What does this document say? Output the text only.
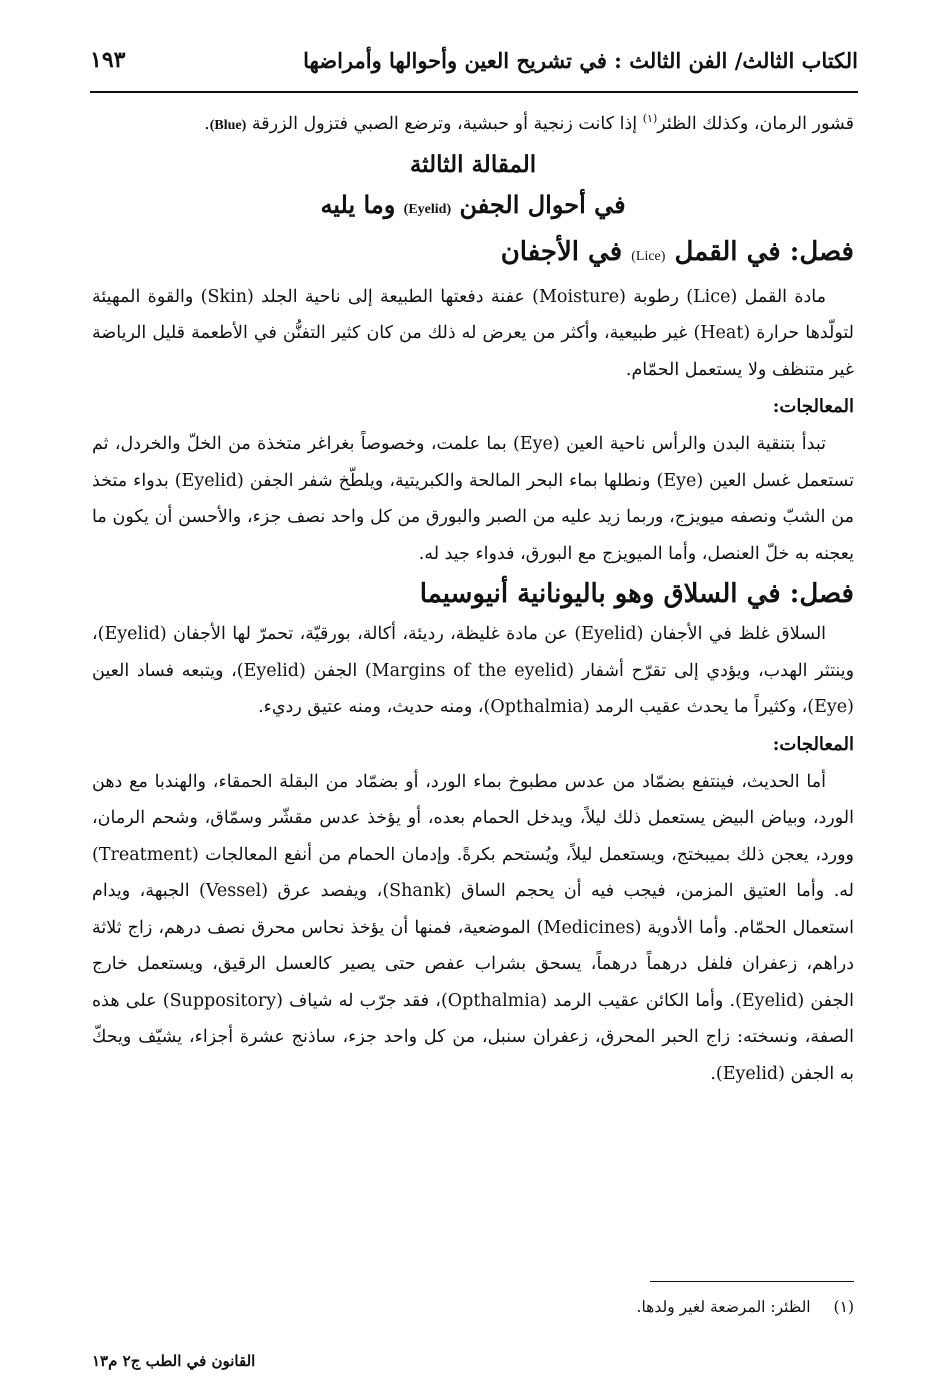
الكتاب الثالث/ الفن الثالث : في تشريح العين وأحوالها وأمراضها
١٩٣

قشور الرمان، وكذلك الظئر$^{(١)}$ إذا كانت زنجية أو حبشية، وترضع الصبي فتزول الزرقة (Blue).

المقالة الثالثة

في أحوال الجفن (Eyelid) وما يليه

فصل: في القمل (Lice) في الأجفان

مادة القمل (Lice) رطوبة (Moisture) عفنة دفعتها الطبيعة إلى ناحية الجلد (Skin) والقوة المهيئة لتولّدها حرارة (Heat) غير طبيعية، وأكثر من يعرض له ذلك من كان كثير التفنُّن في الأطعمة قليل الرياضة غير متنظف ولا يستعمل الحمّام.

المعالجات:

تبدأ بتنقية البدن والرأس ناحية العين (Eye) بما علمت، وخصوصاً بغراغر متخذة من الخلّ والخردل، ثم تستعمل غسل العين (Eye) ونطلها بماء البحر المالحة والكبريتية، ويلطّخ شفر الجفن (Eyelid) بدواء متخذ من الشبّ ونصفه ميويزج، وربما زيد عليه من الصبر والبورق من كل واحد نصف جزء، والأحسن أن يكون ما يعجنه به خلّ العنصل، وأما الميويزج مع البورق، فدواء جيد له.

فصل: في السلاق وهو باليونانية أنيوسيما

السلاق غلظ في الأجفان (Eyelid) عن مادة غليظة، رديئة، أكالة، بورقيّة، تحمرّ لها الأجفان (Eyelid)، وينتثر الهدب، ويؤدي إلى تقرّح أشفار (Margins of the eyelid) الجفن (Eyelid)، ويتبعه فساد العين (Eye)، وكثيراً ما يحدث عقيب الرمد (Opthalmia)، ومنه حديث، ومنه عتيق رديء.

المعالجات:

أما الحديث، فينتفع بضمّاد من عدس مطبوخ بماء الورد، أو بضمّاد من البقلة الحمقاء، والهندبا مع دهن الورد، وبياض البيض يستعمل ذلك ليلاً، ويدخل الحمام بعده، أو يؤخذ عدس مقشّر وسمّاق، وشحم الرمان، وورد، يعجن ذلك بميبختج، ويستعمل ليلاً، ويُستحم بكرةً. وإدمان الحمام من أنفع المعالجات (Treatment) له. وأما العتيق المزمن، فيجب فيه أن يحجم الساق (Shank)، ويفصد عرق (Vessel) الجبهة، ويدام استعمال الحمّام. وأما الأدوية (Medicines) الموضعية، فمنها أن يؤخذ نحاس محرق نصف درهم، زاج ثلاثة دراهم، زعفران فلفل درهماً درهماً، يسحق بشراب عفص حتى يصير كالعسل الرقيق، ويستعمل خارج الجفن (Eyelid). وأما الكائن عقيب الرمد (Opthalmia)، فقد جرّب له شياف (Suppository) على هذه الصفة، ونسخته: زاج الحبر المحرق، زعفران سنبل، من كل واحد جزء، ساذنج عشرة أجزاء، يشيّف ويحكّ به الجفن (Eyelid).

(١) الظئر: المرضعة لغير ولدها.
القانون في الطب ج٢ م١٣
